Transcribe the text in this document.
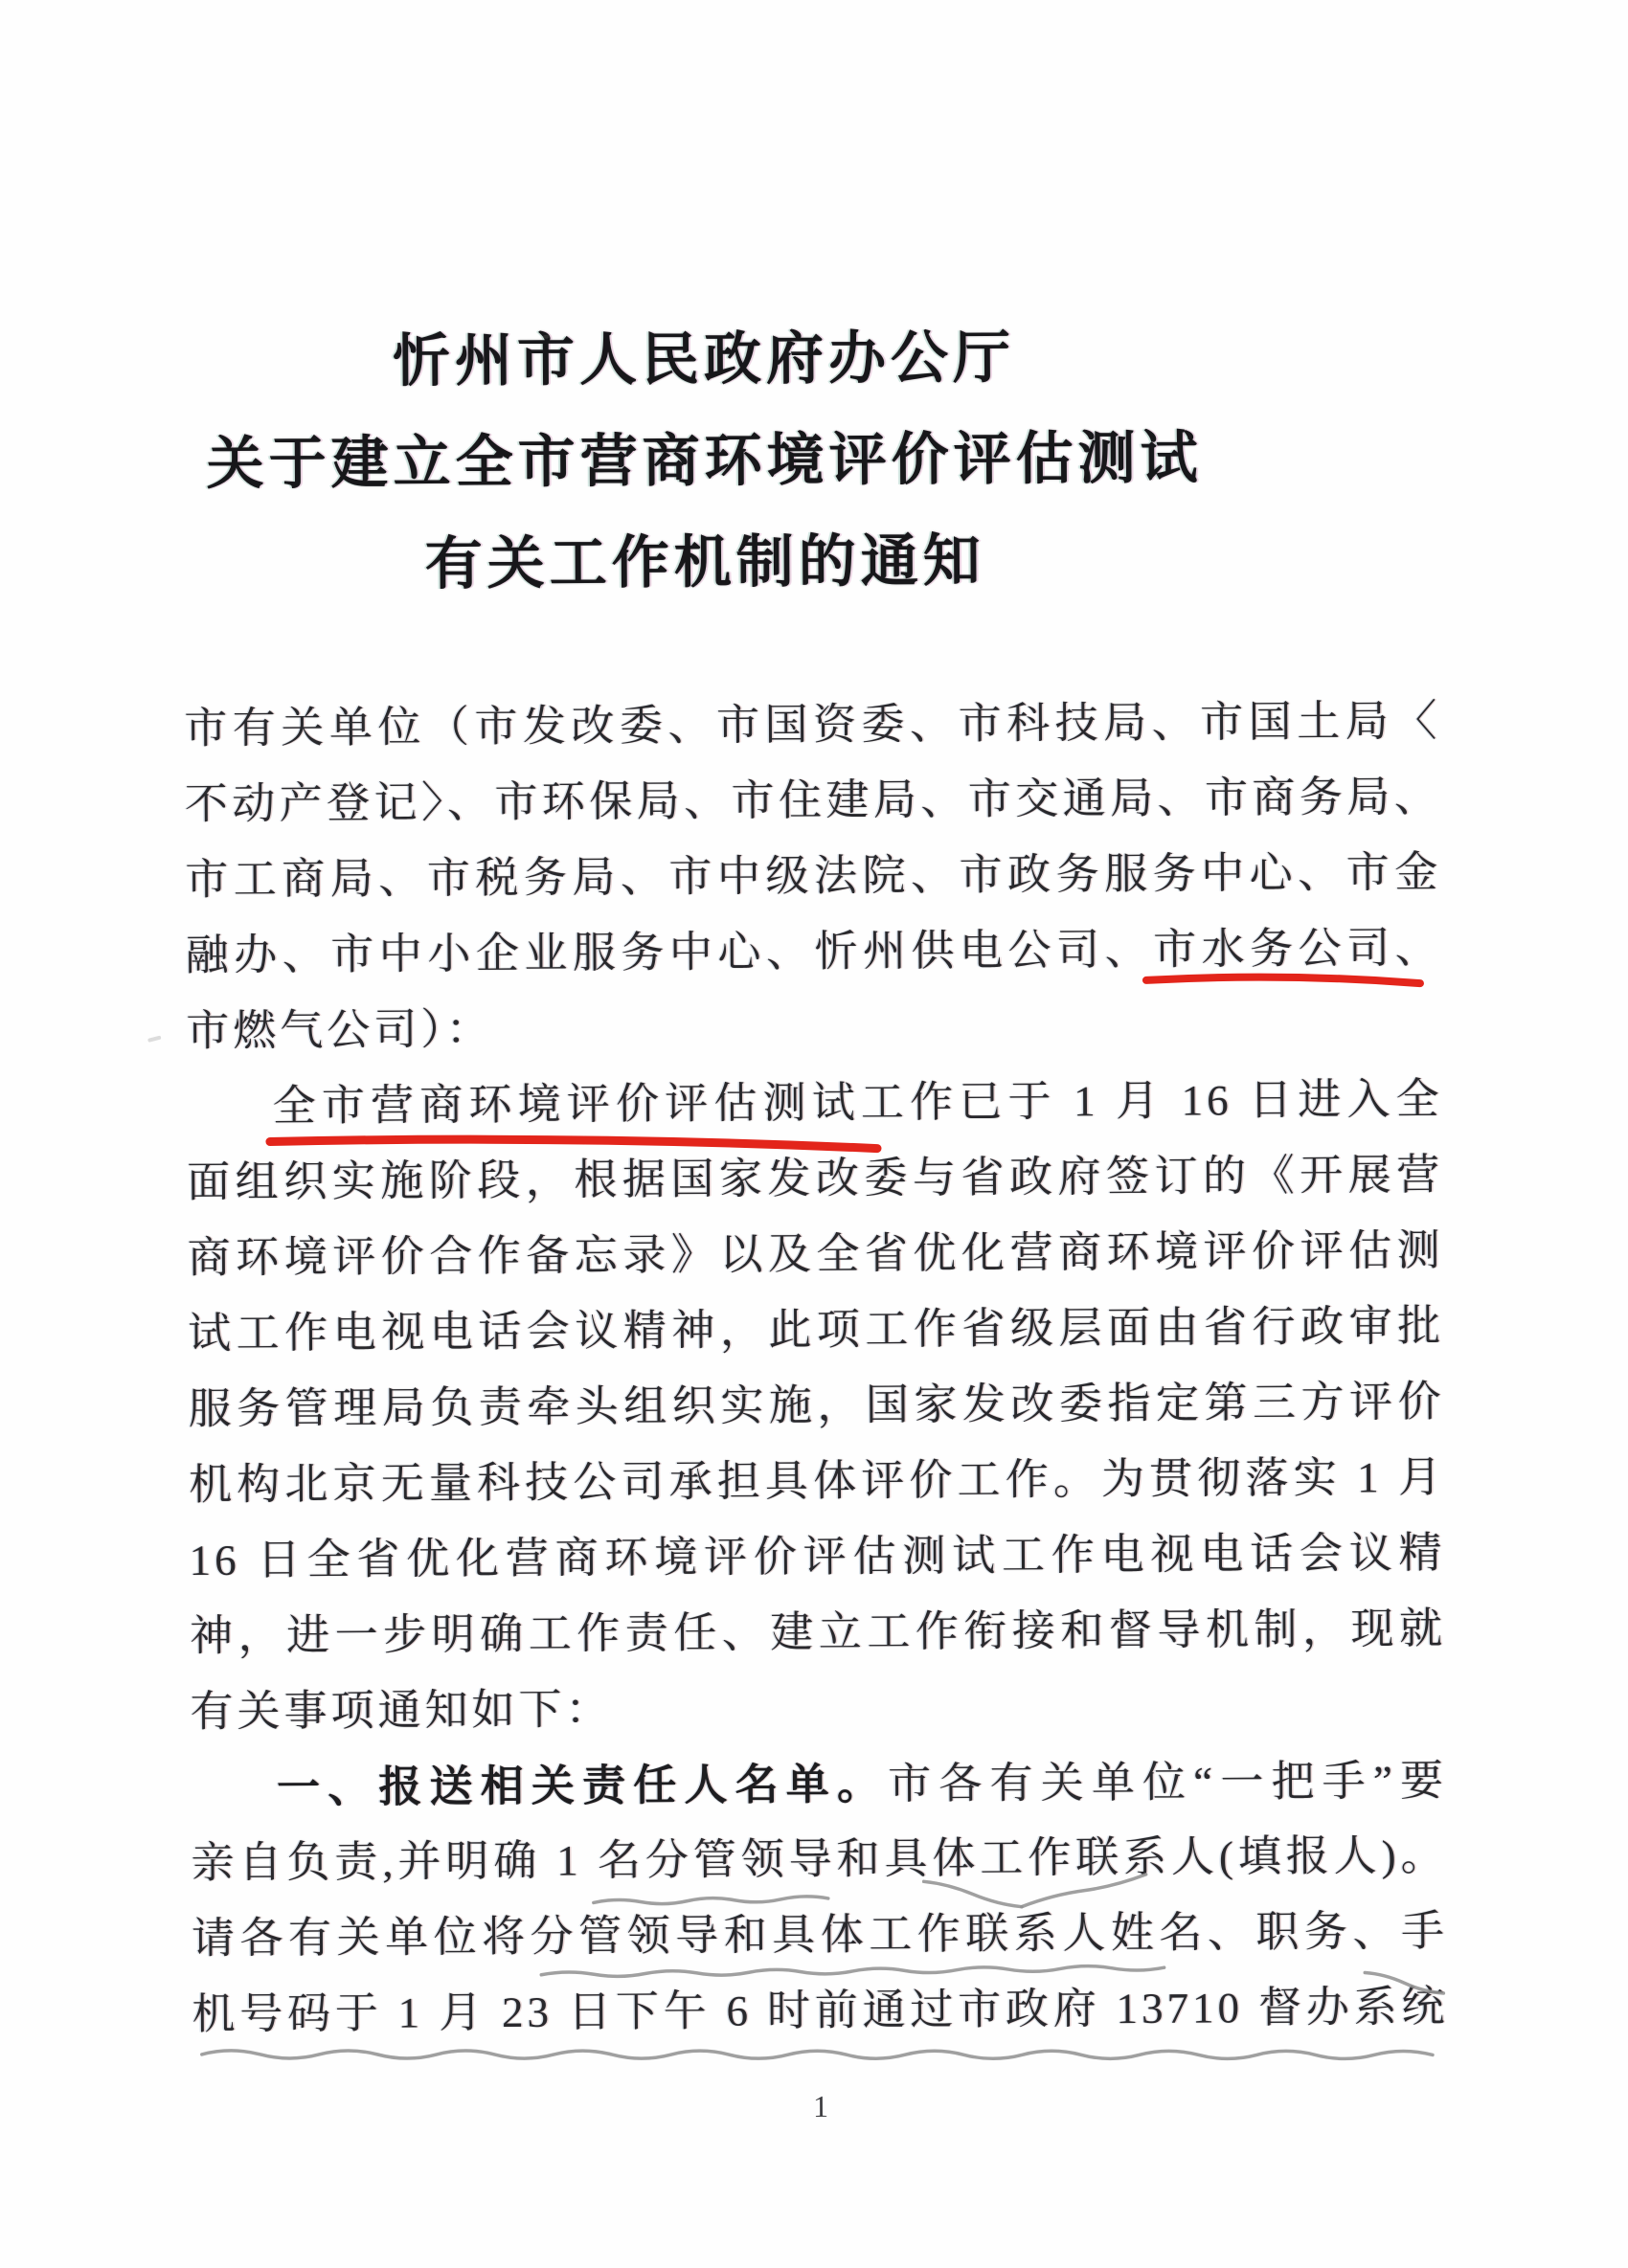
忻州市人民政府办公厅
关于建立全市营商环境评价评估测试
有关工作机制的通知
市有关单位（市发改委、市国资委、市科技局、市国土局〈
不动产登记〉、市环保局、市住建局、市交通局、市商务局、
市工商局、市税务局、市中级法院、市政务服务中心、市金
融办、市中小企业服务中心、忻州供电公司、市水务公司、
市燃气公司）：
全市营商环境评价评估测试工作已于 1 月 16 日进入全
面组织实施阶段，根据国家发改委与省政府签订的《开展营
商环境评价合作备忘录》以及全省优化营商环境评价评估测
试工作电视电话会议精神，此项工作省级层面由省行政审批
服务管理局负责牵头组织实施，国家发改委指定第三方评价
机构北京无量科技公司承担具体评价工作。为贯彻落实 1 月
16 日全省优化营商环境评价评估测试工作电视电话会议精
神，进一步明确工作责任、建立工作衔接和督导机制，现就
有关事项通知如下：
一、报送相关责任人名单。市各有关单位“一把手”要
亲自负责,并明确 1 名分管领导和具体工作联系人(填报人)。
请各有关单位将分管领导和具体工作联系人姓名、职务、手
机号码于 1 月 23 日下午 6 时前通过市政府 13710 督办系统
1
